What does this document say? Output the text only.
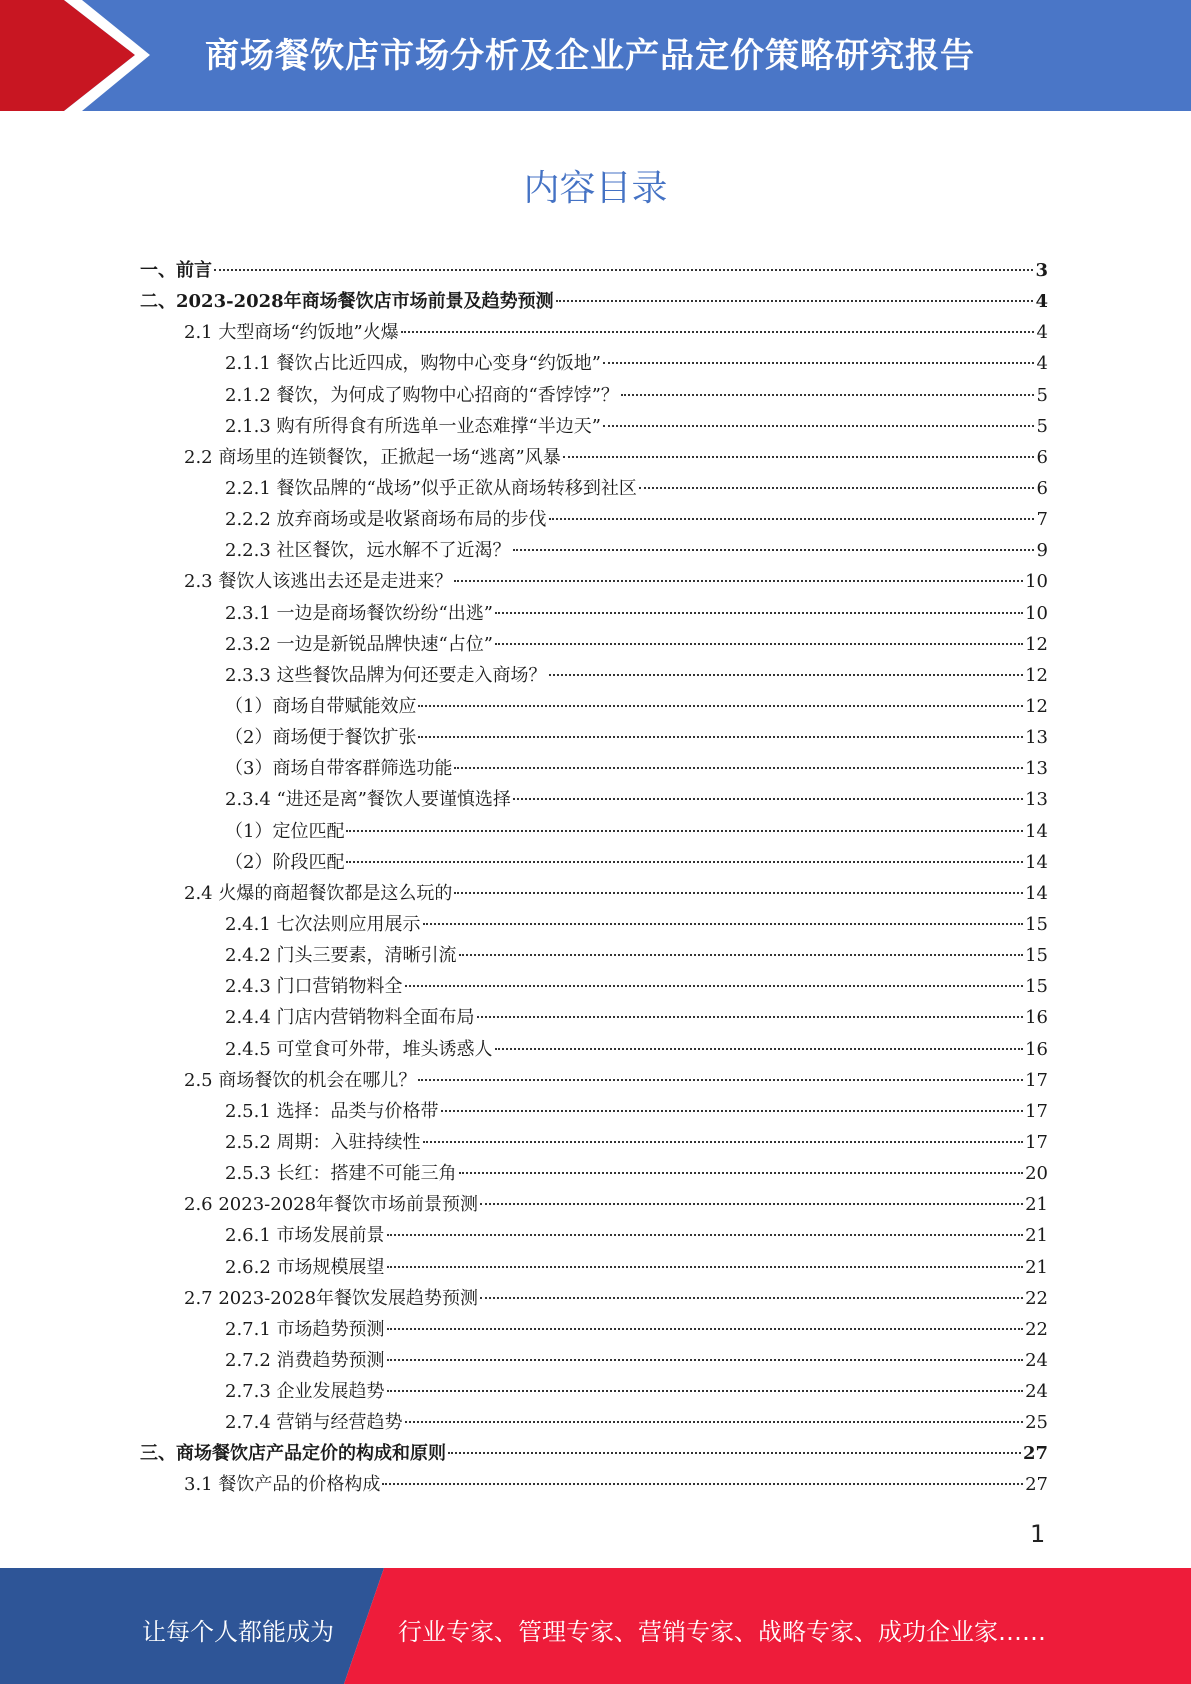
商场餐饮店市场分析及企业产品定价策略研究报告
内容目录
一、前言	3
二、2023-2028年商场餐饮店市场前景及趋势预测	4
2.1 大型商场“约饭地”火爆	4
2.1.1 餐饮占比近四成，购物中心变身“约饭地”	4
2.1.2 餐饮，为何成了购物中心招商的“香饽饽”？	5
2.1.3 购有所得食有所选单一业态难撑“半边天”	5
2.2 商场里的连锁餐饮，正掀起一场“逃离”风暴	6
2.2.1 餐饮品牌的“战场”似乎正欲从商场转移到社区	6
2.2.2 放弃商场或是收紧商场布局的步伐	7
2.2.3 社区餐饮，远水解不了近渴？	9
2.3 餐饮人该逃出去还是走进来？	10
2.3.1 一边是商场餐饮纷纷“出逃”	10
2.3.2 一边是新锐品牌快速“占位”	12
2.3.3 这些餐饮品牌为何还要走入商场？	12
（1）商场自带赋能效应	12
（2）商场便于餐饮扩张	13
（3）商场自带客群筛选功能	13
2.3.4 “进还是离”餐饮人要谨慎选择	13
（1）定位匹配	14
（2）阶段匹配	14
2.4 火爆的商超餐饮都是这么玩的	14
2.4.1 七次法则应用展示	15
2.4.2 门头三要素，清晰引流	15
2.4.3 门口营销物料全	15
2.4.4 门店内营销物料全面布局	16
2.4.5 可堂食可外带，堆头诱惑人	16
2.5 商场餐饮的机会在哪儿？	17
2.5.1 选择：品类与价格带	17
2.5.2 周期：入驻持续性	17
2.5.3 长红：搭建不可能三角	20
2.6 2023-2028年餐饮市场前景预测	21
2.6.1 市场发展前景	21
2.6.2 市场规模展望	21
2.7 2023-2028年餐饮发展趋势预测	22
2.7.1 市场趋势预测	22
2.7.2 消费趋势预测	24
2.7.3 企业发展趋势	24
2.7.4 营销与经营趋势	25
三、商场餐饮店产品定价的构成和原则	27
3.1 餐饮产品的价格构成	27
1
让每个人都能成为	行业专家、管理专家、营销专家、战略专家、成功企业家……
